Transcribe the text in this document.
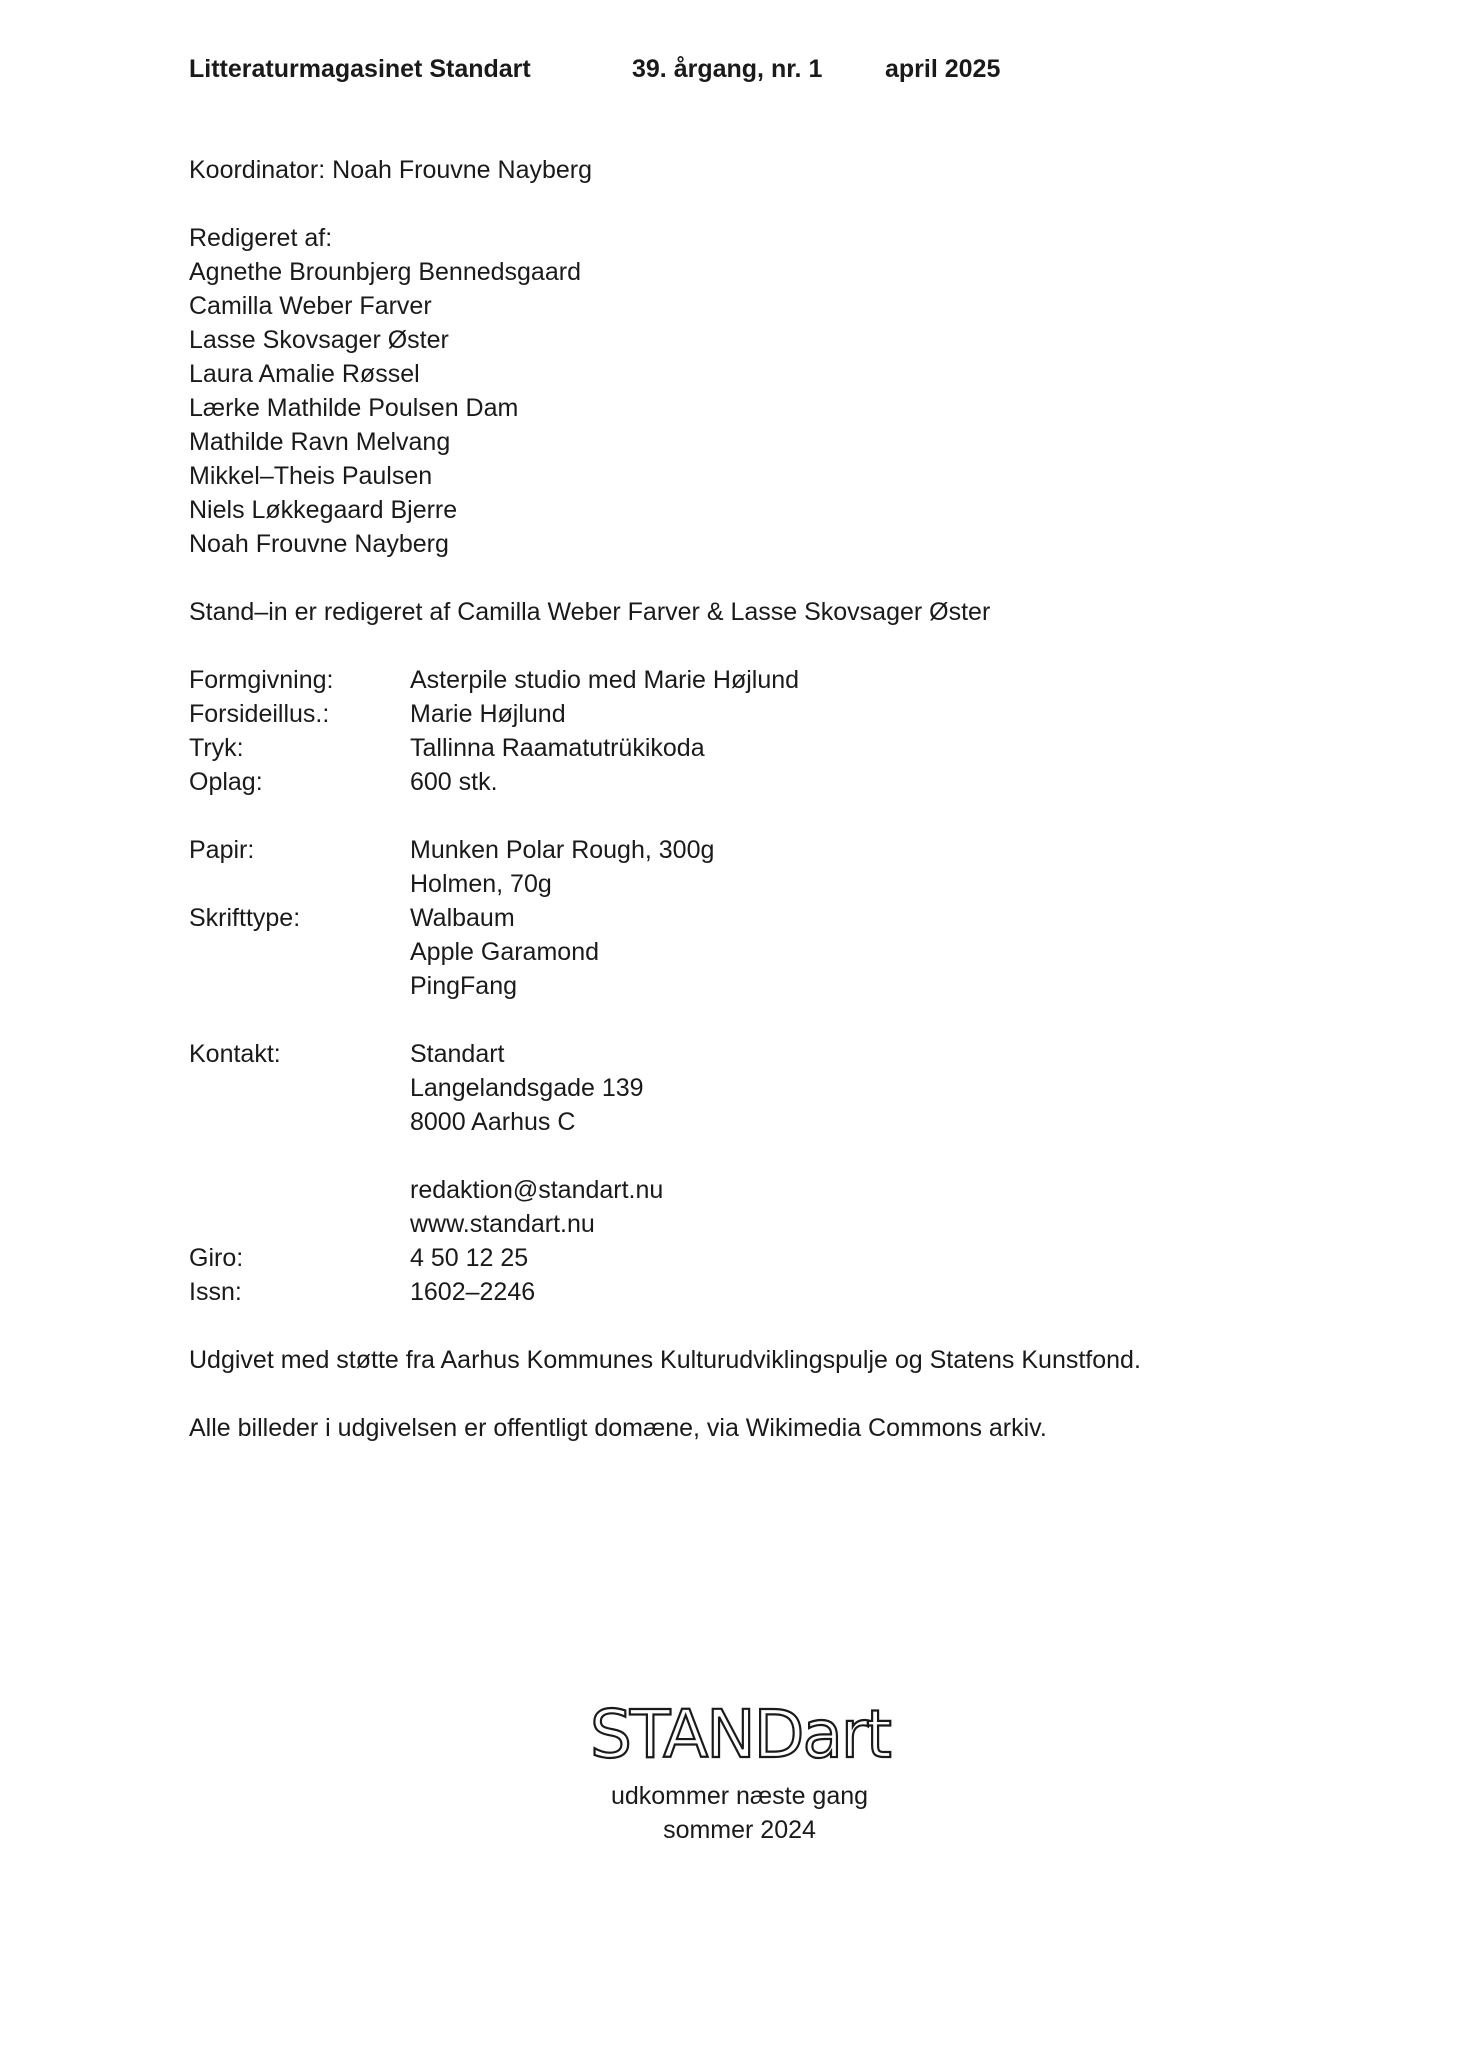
Litteraturmagasinet Standart	39. årgang, nr. 1	april 2025
Koordinator: Noah Frouvne Nayberg
Redigeret af:
Agnethe Brounbjerg Bennedsgaard
Camilla Weber Farver
Lasse Skovsager Øster
Laura Amalie Røssel
Lærke Mathilde Poulsen Dam
Mathilde Ravn Melvang
Mikkel–Theis Paulsen
Niels Løkkegaard Bjerre
Noah Frouvne Nayberg
Stand–in er redigeret af Camilla Weber Farver & Lasse Skovsager Øster
Formgivning:	Asterpile studio med Marie Højlund
Forsideillus.:	Marie Højlund
Tryk:	Tallinna Raamatutrükikoda
Oplag:	600 stk.
Papir:	Munken Polar Rough, 300g
Holmen, 70g
Skrifttype:	Walbaum
Apple Garamond
PingFang
Kontakt:	Standart
Langelandsgade 139
8000 Aarhus C
redaktion@standart.nu
www.standart.nu
Giro:	4 50 12 25
Issn:	1602–2246
Udgivet med støtte fra Aarhus Kommunes Kulturudviklingspulje og Statens Kunstfond.
Alle billeder i udgivelsen er offentligt domæne, via Wikimedia Commons arkiv.
STANDart
udkommer næste gang
sommer 2024
